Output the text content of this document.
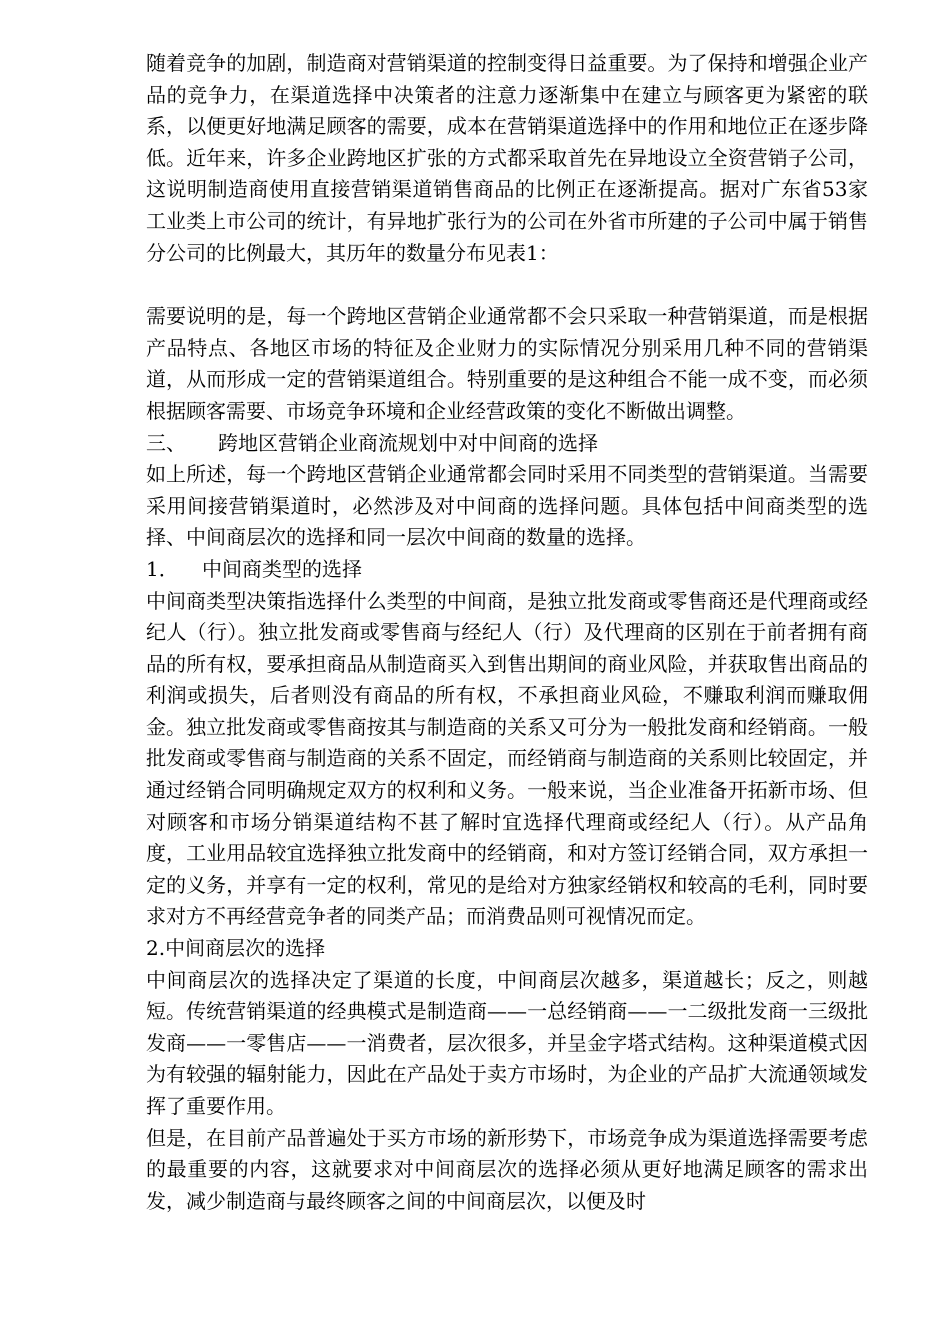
随着竞争的加剧，制造商对营销渠道的控制变得日益重要。为了保持和增强企业产品的竞争力，在渠道选择中决策者的注意力逐渐集中在建立与顾客更为紧密的联系，以便更好地满足顾客的需要，成本在营销渠道选择中的作用和地位正在逐步降低。近年来，许多企业跨地区扩张的方式都采取首先在异地设立全资营销子公司，这说明制造商使用直接营销渠道销售商品的比例正在逐渐提高。据对广东省53家工业类上市公司的统计，有异地扩张行为的公司在外省市所建的子公司中属于销售分公司的比例最大，其历年的数量分布见表1：

需要说明的是，每一个跨地区营销企业通常都不会只采取一种营销渠道，而是根据产品特点、各地区市场的特征及企业财力的实际情况分别采用几种不同的营销渠道，从而形成一定的营销渠道组合。特别重要的是这种组合不能一成不变，而必须根据顾客需要、市场竞争环境和企业经营政策的变化不断做出调整。

三、 跨地区营销企业商流规划中对中间商的选择

如上所述，每一个跨地区营销企业通常都会同时采用不同类型的营销渠道。当需要采用间接营销渠道时，必然涉及对中间商的选择问题。具体包括中间商类型的选择、中间商层次的选择和同一层次中间商的数量的选择。

1． 中间商类型的选择

中间商类型决策指选择什么类型的中间商，是独立批发商或零售商还是代理商或经纪人（行）。独立批发商或零售商与经纪人（行）及代理商的区别在于前者拥有商品的所有权，要承担商品从制造商买入到售出期间的商业风险，并获取售出商品的利润或损失，后者则没有商品的所有权，不承担商业风硷，不赚取利润而赚取佣金。独立批发商或零售商按其与制造商的关系又可分为一般批发商和经销商。一般批发商或零售商与制造商的关系不固定，而经销商与制造商的关系则比较固定，并通过经销合同明确规定双方的权利和义务。一般来说，当企业准备开拓新市场、但对顾客和市场分销渠道结构不甚了解时宜选择代理商或经纪人（行）。从产品角度，工业用品较宜选择独立批发商中的经销商，和对方签订经销合同，双方承担一定的义务，并享有一定的权利，常见的是给对方独家经销权和较高的毛利，同时要求对方不再经营竞争者的同类产品；而消费品则可视情况而定。

2.中间商层次的选择

中间商层次的选择决定了渠道的长度，中间商层次越多，渠道越长；反之，则越短。传统营销渠道的经典模式是制造商——一总经销商——一二级批发商一三级批发商——一零售店——一消费者，层次很多，并呈金字塔式结构。这种渠道模式因为有较强的辐射能力，因此在产品处于卖方市场时，为企业的产品扩大流通领域发挥了重要作用。

但是，在目前产品普遍处于买方市场的新形势下，市场竞争成为渠道选择需要考虑的最重要的内容，这就要求对中间商层次的选择必须从更好地满足顾客的需求出发，减少制造商与最终顾客之间的中间商层次，以便及时
